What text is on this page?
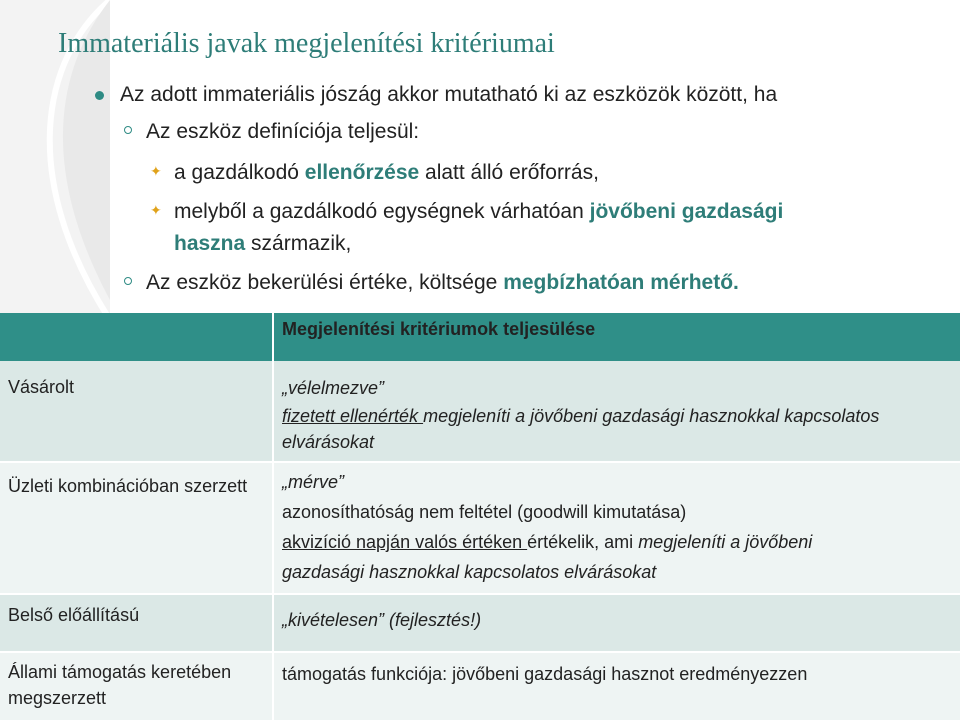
Immateriális javak megjelenítési kritériumai
Az adott immateriális jószág akkor mutatható ki az eszközök között, ha
Az eszköz definíciója teljesül:
✦ a gazdálkodó ellenőrzése alatt álló erőforrás,
✦ melyből a gazdálkodó egységnek várhatóan jövőbeni gazdasági
haszna származik,
Az eszköz bekerülési értéke, költsége megbízhatóan mérhető.
	Megjelenítési kritériumok teljesülése
Vásárolt	„vélelmezve”
fizetett ellenérték megjeleníti a jövőbeni gazdasági hasznokkal kapcsolatos
elvárásokat

Üzleti kombinációban szerzett	„mérve”
azonosíthatóság nem feltétel (goodwill kimutatása)
akvizíció napján valós értéken értékelik, ami megjeleníti a jövőbeni
gazdasági hasznokkal kapcsolatos elvárásokat

Belső előállítású	„kivételesen” (fejlesztés!)

Állami támogatás keretében megszerzett	támogatás funkciója: jövőbeni gazdasági hasznot eredményezzen
